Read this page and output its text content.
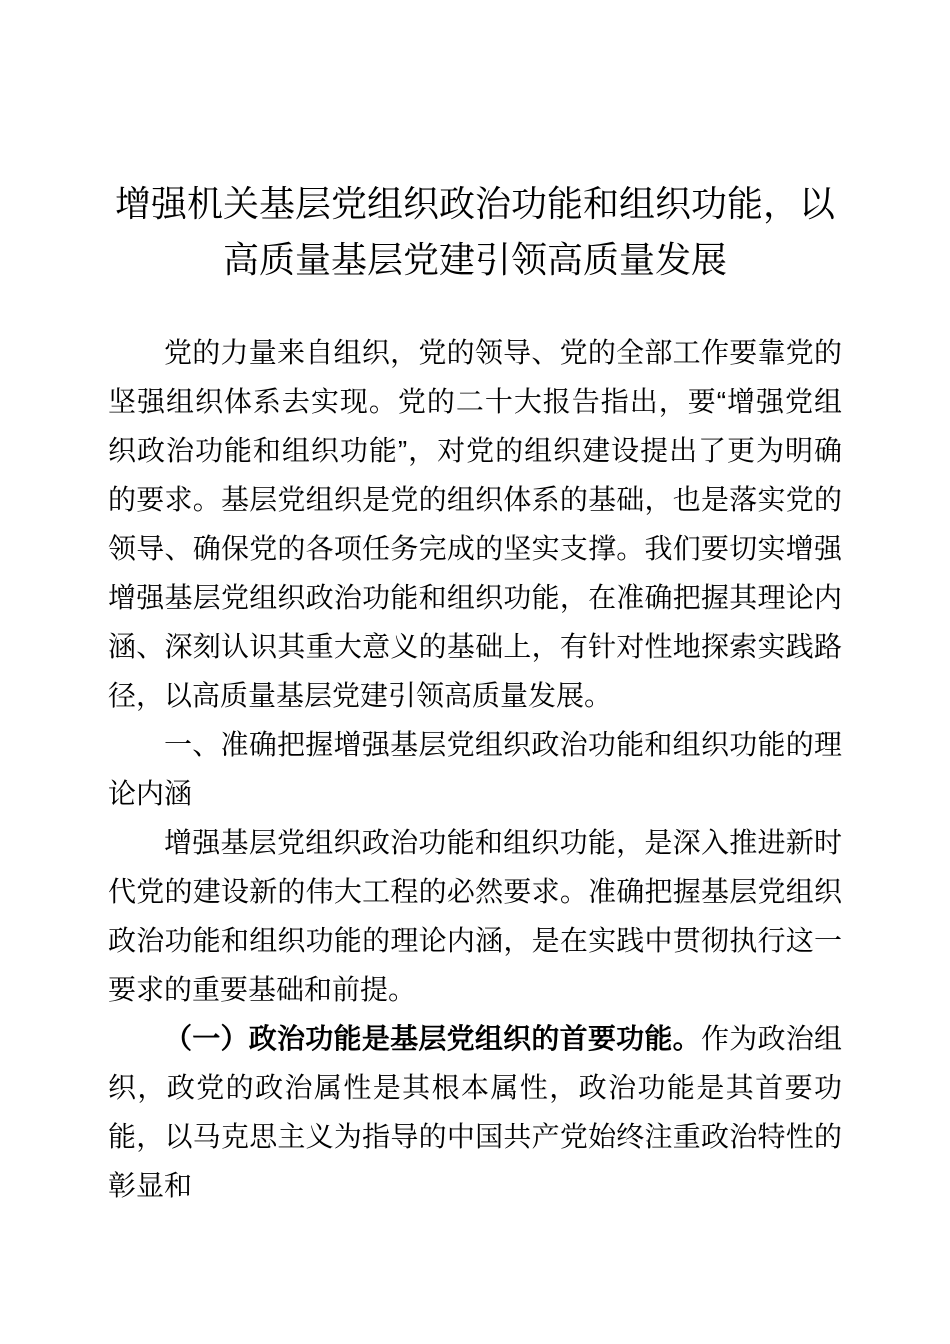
增强机关基层党组织政治功能和组织功能，以高质量基层党建引领高质量发展

党的力量来自组织，党的领导、党的全部工作要靠党的坚强组织体系去实现。党的二十大报告指出，要“增强党组织政治功能和组织功能”，对党的组织建设提出了更为明确的要求。基层党组织是党的组织体系的基础，也是落实党的领导、确保党的各项任务完成的坚实支撑。我们要切实增强增强基层党组织政治功能和组织功能，在准确把握其理论内涵、深刻认识其重大意义的基础上，有针对性地探索实践路径，以高质量基层党建引领高质量发展。

一、准确把握增强基层党组织政治功能和组织功能的理论内涵

增强基层党组织政治功能和组织功能，是深入推进新时代党的建设新的伟大工程的必然要求。准确把握基层党组织政治功能和组织功能的理论内涵，是在实践中贯彻执行这一要求的重要基础和前提。

（一）政治功能是基层党组织的首要功能。作为政治组织，政党的政治属性是其根本属性，政治功能是其首要功能，以马克思主义为指导的中国共产党始终注重政治特性的彰显和
